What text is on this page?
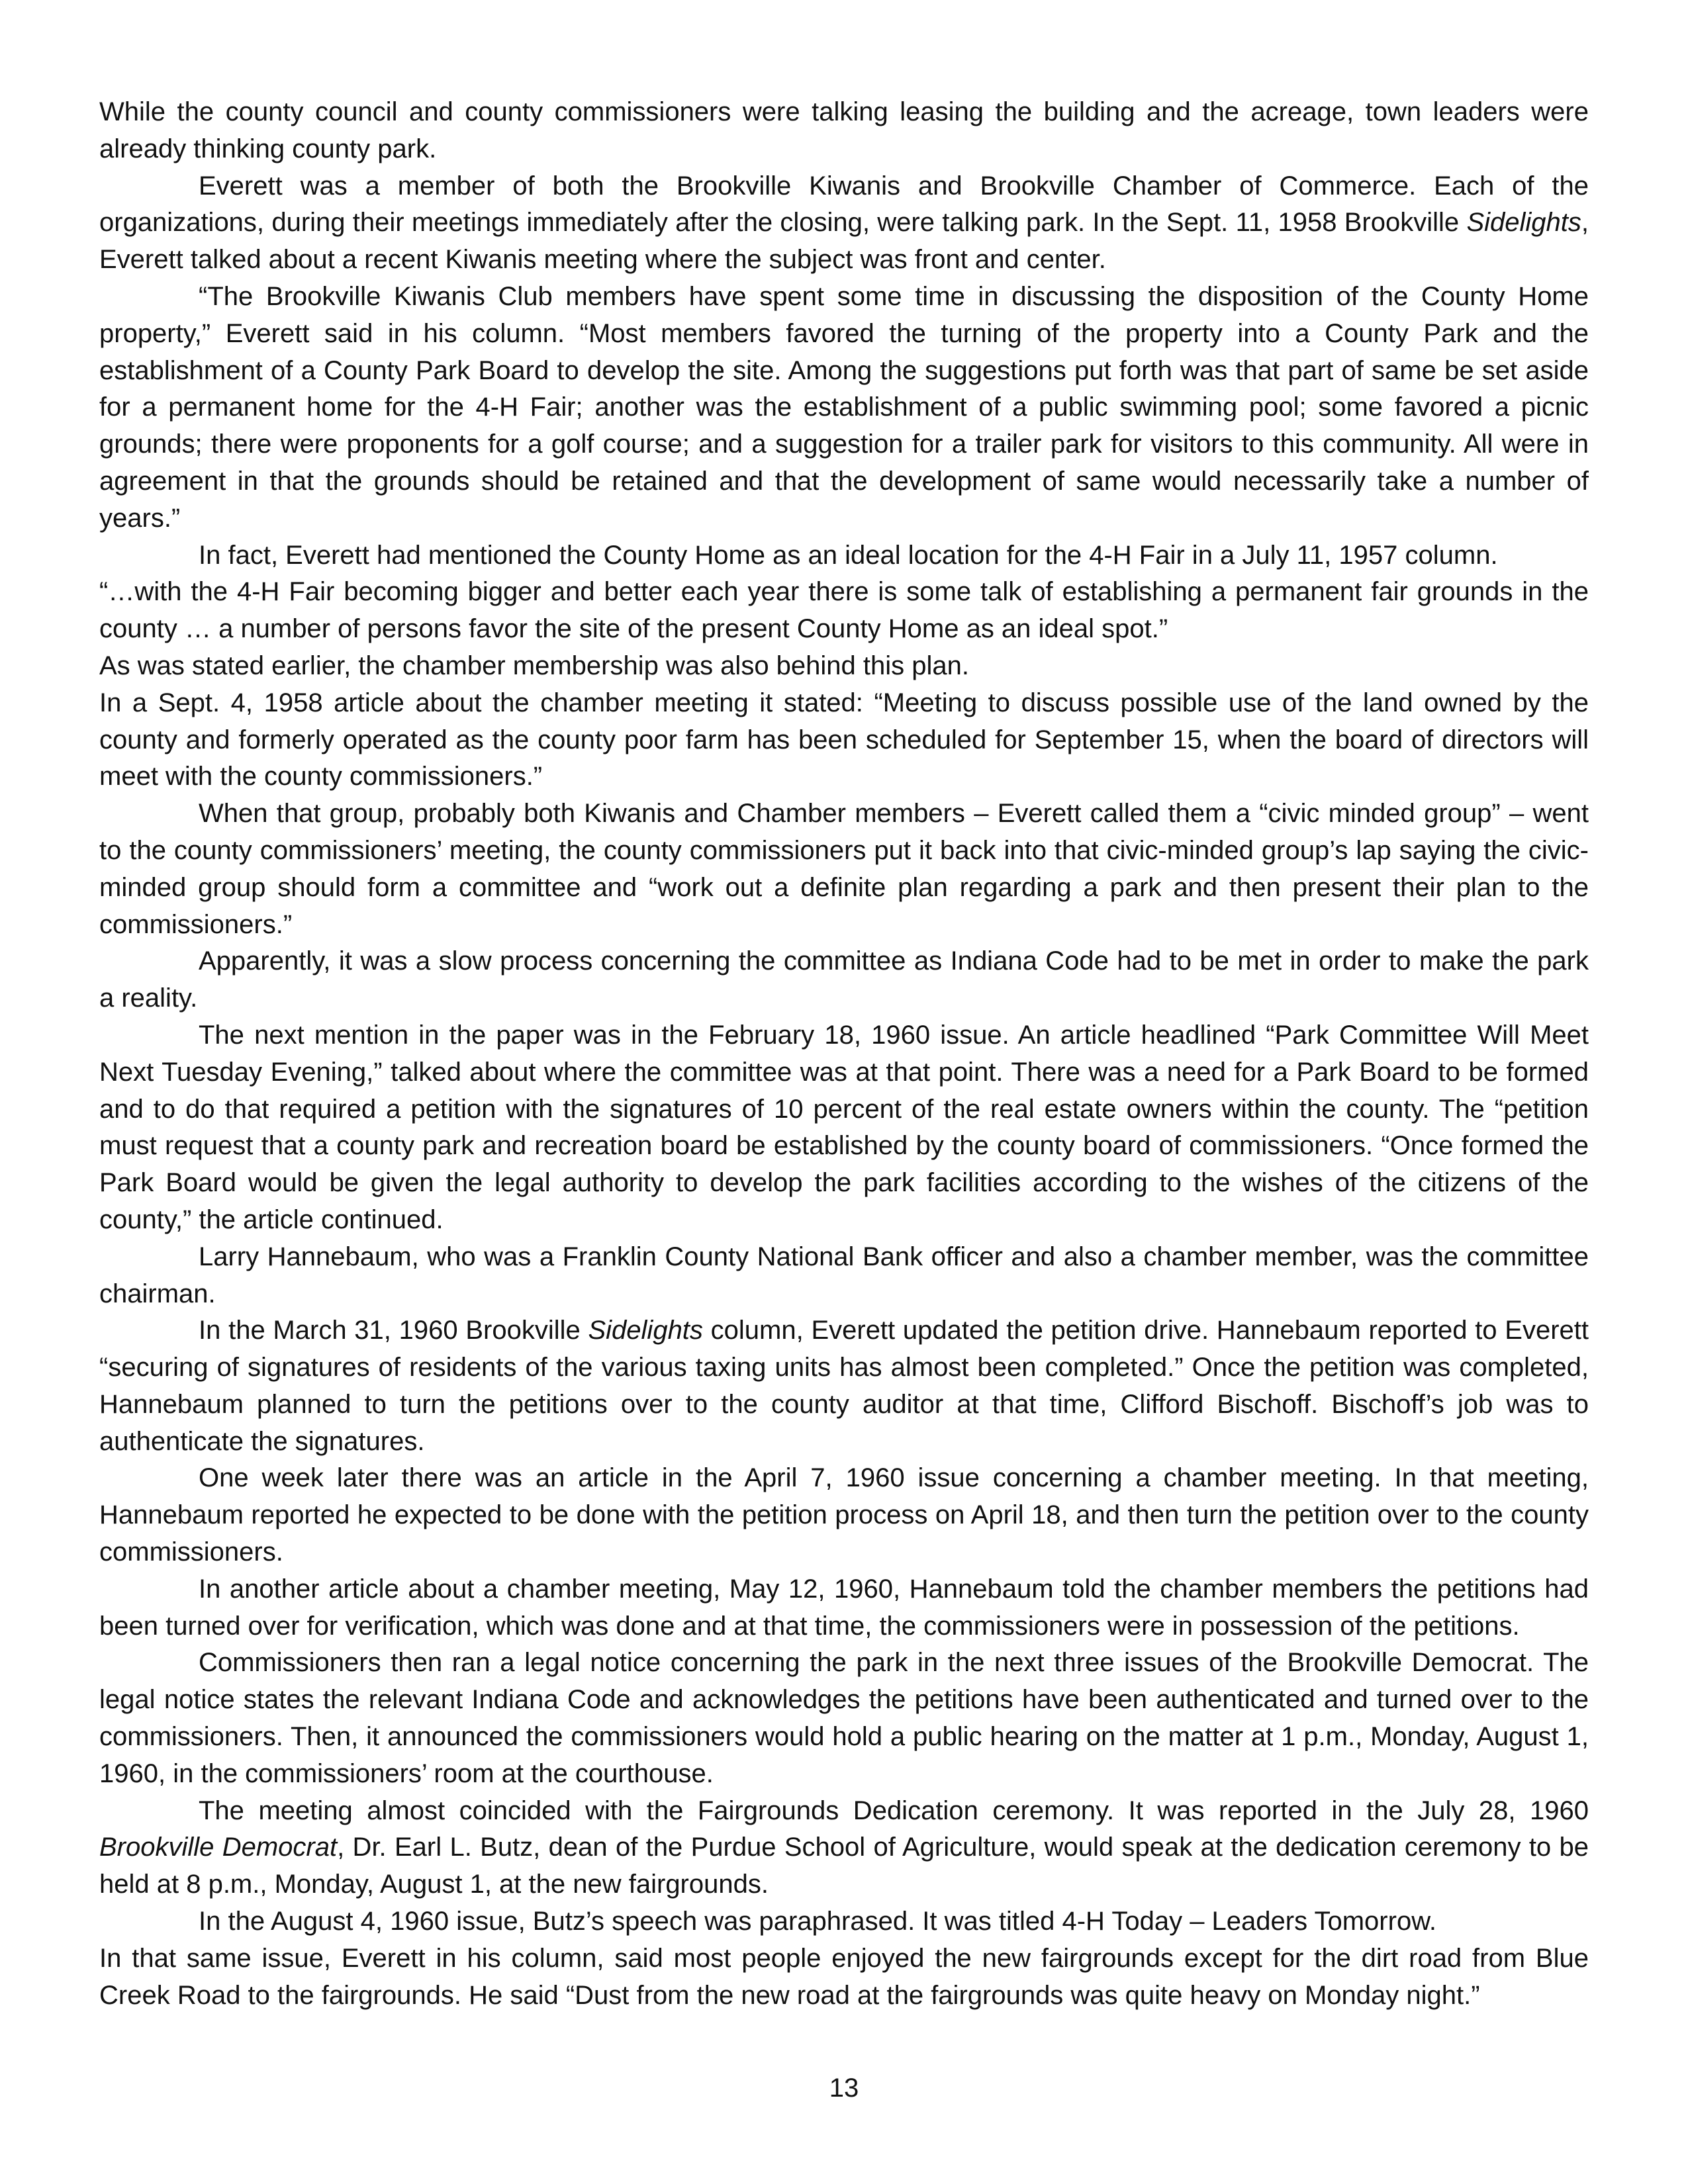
While the county council and county commissioners were talking leasing the building and the acreage, town leaders were already thinking county park.

Everett was a member of both the Brookville Kiwanis and Brookville Chamber of Commerce. Each of the organizations, during their meetings immediately after the closing, were talking park. In the Sept. 11, 1958 Brookville Sidelights, Everett talked about a recent Kiwanis meeting where the subject was front and center.

“The Brookville Kiwanis Club members have spent some time in discussing the disposition of the County Home property,” Everett said in his column. “Most members favored the turning of the property into a County Park and the establishment of a County Park Board to develop the site. Among the suggestions put forth was that part of same be set aside for a permanent home for the 4-H Fair; another was the establishment of a public swimming pool; some favored a picnic grounds; there were proponents for a golf course; and a suggestion for a trailer park for visitors to this community. All were in agreement in that the grounds should be retained and that the development of same would necessarily take a number of years.”

In fact, Everett had mentioned the County Home as an ideal location for the 4-H Fair in a July 11, 1957 column.

“…with the 4-H Fair becoming bigger and better each year there is some talk of establishing a permanent fair grounds in the county … a number of persons favor the site of the present County Home as an ideal spot.”

As was stated earlier, the chamber membership was also behind this plan.

In a Sept. 4, 1958 article about the chamber meeting it stated: “Meeting to discuss possible use of the land owned by the county and formerly operated as the county poor farm has been scheduled for September 15, when the board of directors will meet with the county commissioners.”

When that group, probably both Kiwanis and Chamber members – Everett called them a “civic minded group” – went to the county commissioners’ meeting, the county commissioners put it back into that civic-minded group’s lap saying the civic-minded group should form a committee and “work out a definite plan regarding a park and then present their plan to the commissioners.”

Apparently, it was a slow process concerning the committee as Indiana Code had to be met in order to make the park a reality.

The next mention in the paper was in the February 18, 1960 issue. An article headlined “Park Committee Will Meet Next Tuesday Evening,” talked about where the committee was at that point. There was a need for a Park Board to be formed and to do that required a petition with the signatures of 10 percent of the real estate owners within the county. The “petition must request that a county park and recreation board be established by the county board of commissioners. “Once formed the Park Board would be given the legal authority to develop the park facilities according to the wishes of the citizens of the county,” the article continued.

Larry Hannebaum, who was a Franklin County National Bank officer and also a chamber member, was the committee chairman.

In the March 31, 1960 Brookville Sidelights column, Everett updated the petition drive. Hannebaum reported to Everett “securing of signatures of residents of the various taxing units has almost been completed.” Once the petition was completed, Hannebaum planned to turn the petitions over to the county auditor at that time, Clifford Bischoff. Bischoff’s job was to authenticate the signatures.

One week later there was an article in the April 7, 1960 issue concerning a chamber meeting. In that meeting, Hannebaum reported he expected to be done with the petition process on April 18, and then turn the petition over to the county commissioners.

In another article about a chamber meeting, May 12, 1960, Hannebaum told the chamber members the petitions had been turned over for verification, which was done and at that time, the commissioners were in possession of the petitions.

Commissioners then ran a legal notice concerning the park in the next three issues of the Brookville Democrat. The legal notice states the relevant Indiana Code and acknowledges the petitions have been authenticated and turned over to the commissioners. Then, it announced the commissioners would hold a public hearing on the matter at 1 p.m., Monday, August 1, 1960, in the commissioners’ room at the courthouse.

The meeting almost coincided with the Fairgrounds Dedication ceremony. It was reported in the July 28, 1960 Brookville Democrat, Dr. Earl L. Butz, dean of the Purdue School of Agriculture, would speak at the dedication ceremony to be held at 8 p.m., Monday, August 1, at the new fairgrounds.

In the August 4, 1960 issue, Butz’s speech was paraphrased. It was titled 4-H Today – Leaders Tomorrow.

In that same issue, Everett in his column, said most people enjoyed the new fairgrounds except for the dirt road from Blue Creek Road to the fairgrounds. He said “Dust from the new road at the fairgrounds was quite heavy on Monday night.”

13
